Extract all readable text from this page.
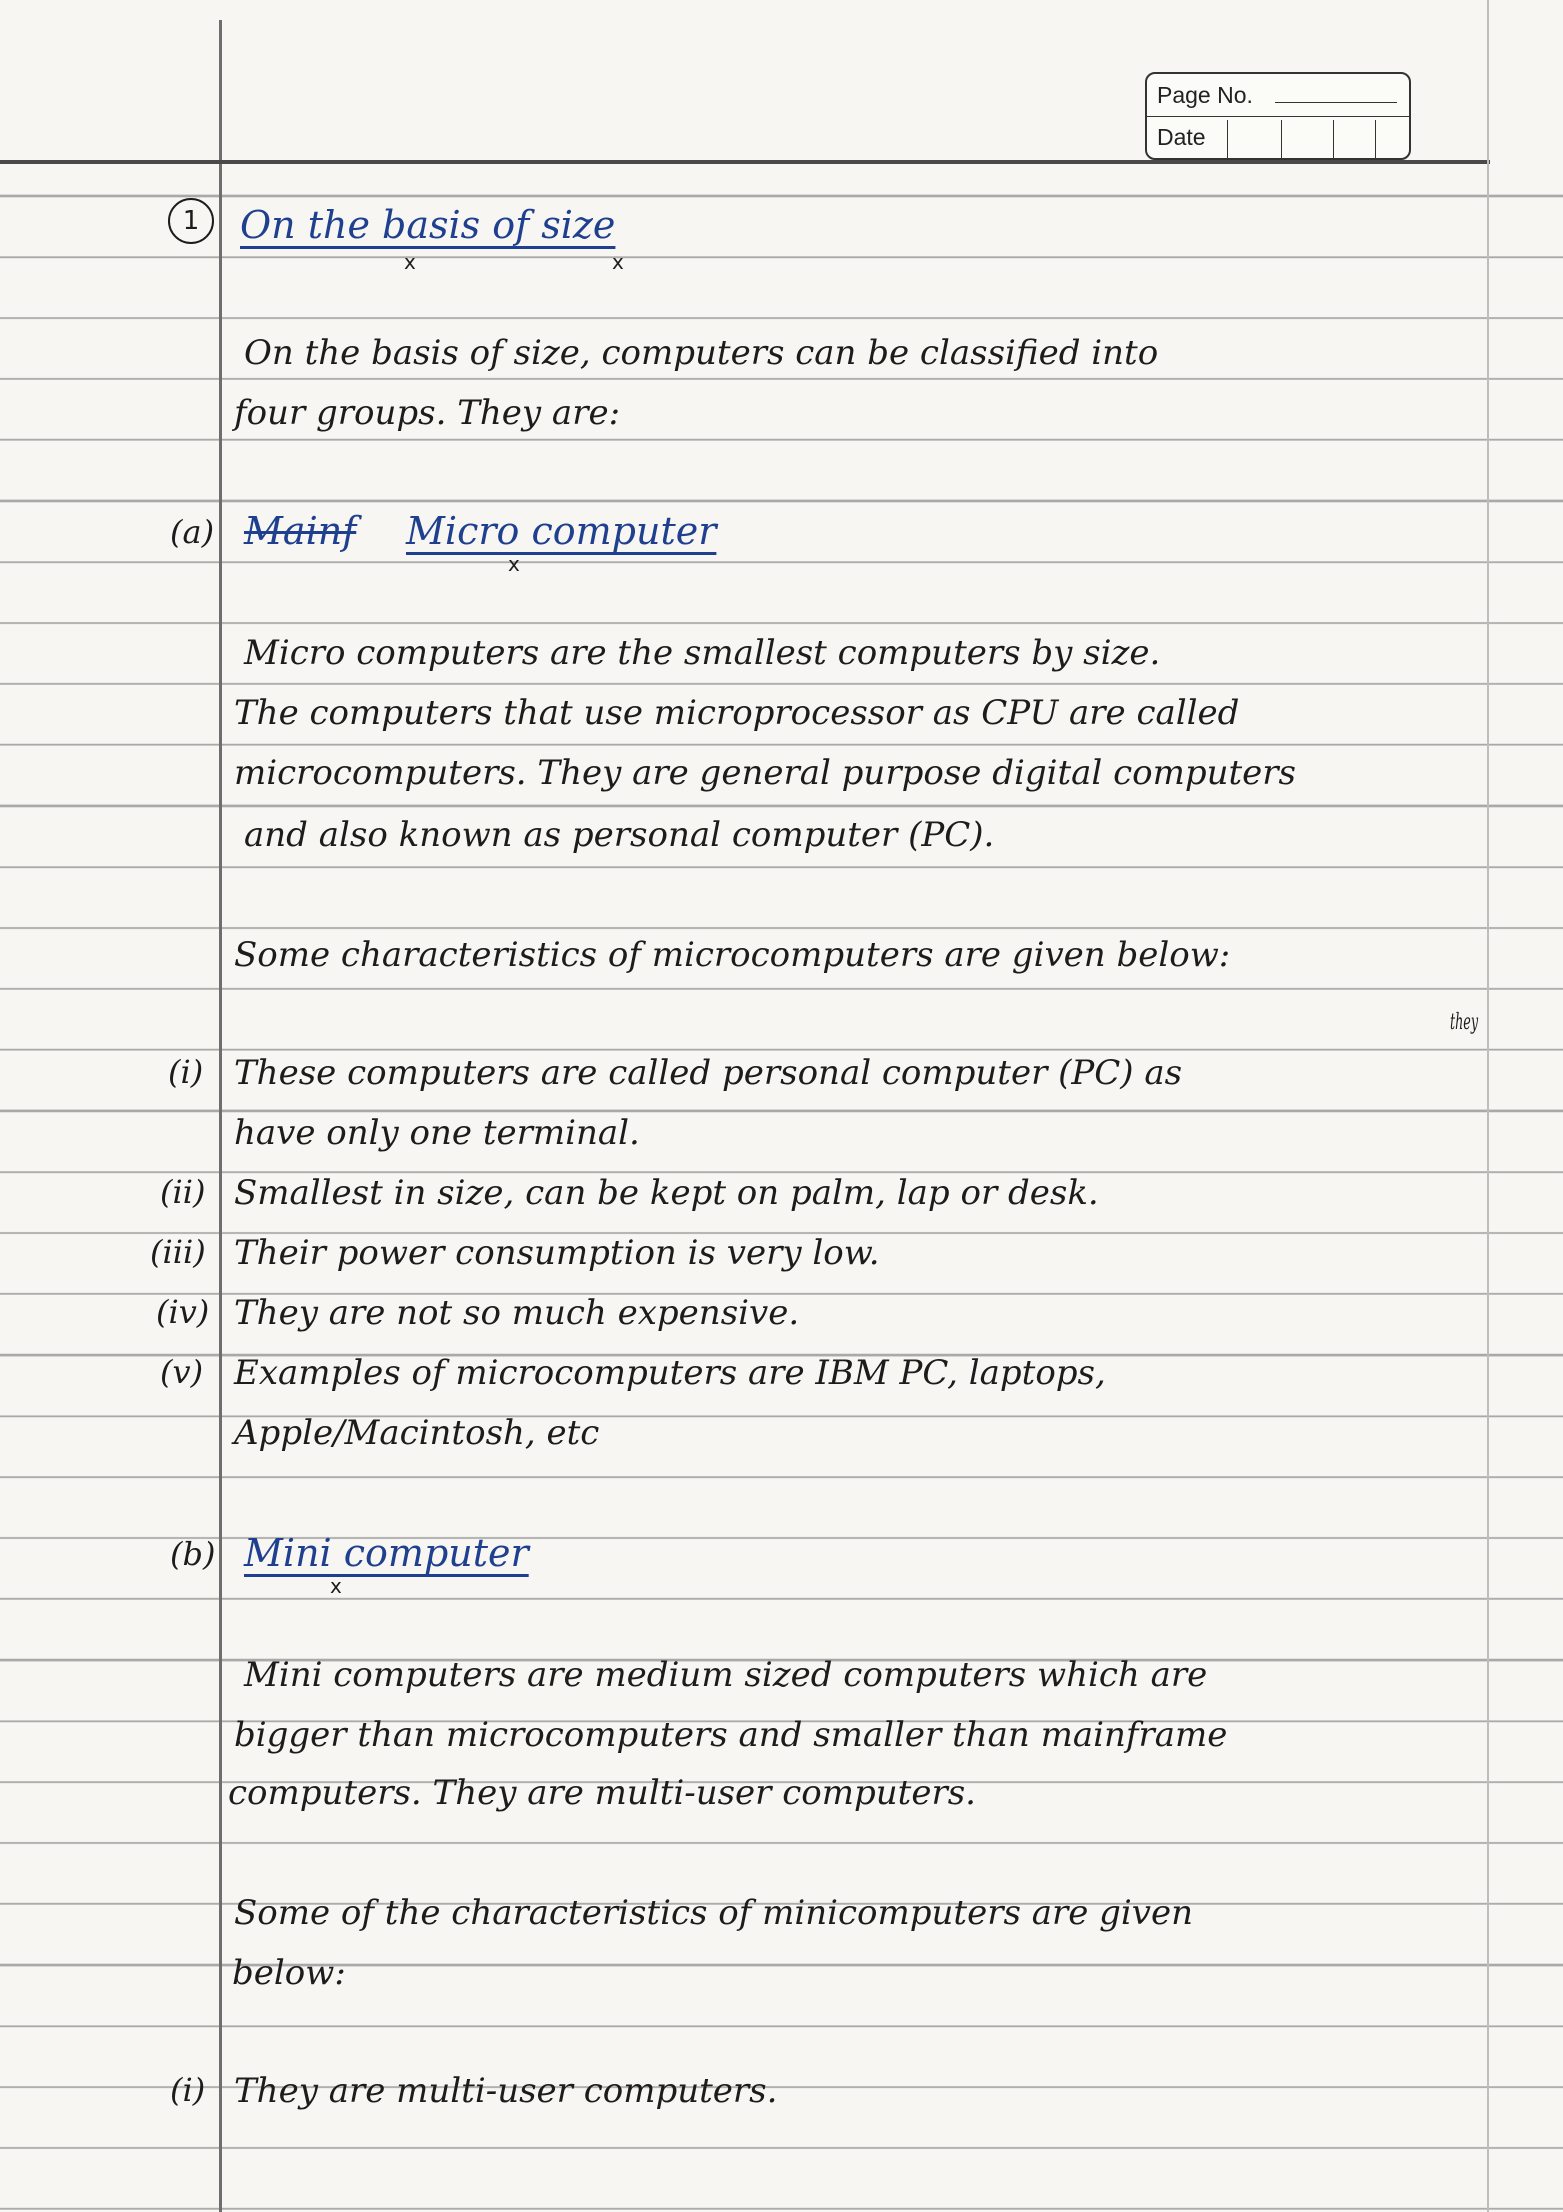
Page No.
Date
1	On the basis of size
x	x
On the basis of size, computers can be classified into
four groups. They are:
(a) Mainf Micro computer
x
Micro computers are the smallest computers by size.
The computers that use microprocessor as CPU are called
microcomputers. They are general purpose digital computers
and also known as personal computer (PC).
Some characteristics of microcomputers are given below:
they
(i) These computers are called personal computer (PC) as
have only one terminal.
(ii) Smallest in size, can be kept on palm, lap or desk.
(iii) Their power consumption is very low.
(iv) They are not so much expensive.
(v) Examples of microcomputers are IBM PC, laptops,
Apple/Macintosh, etc
(b) Mini computer
x
Mini computers are medium sized computers which are
bigger than microcomputers and smaller than mainframe
computers. They are multi-user computers.
Some of the characteristics of minicomputers are given
below:
(i) They are multi-user computers.
